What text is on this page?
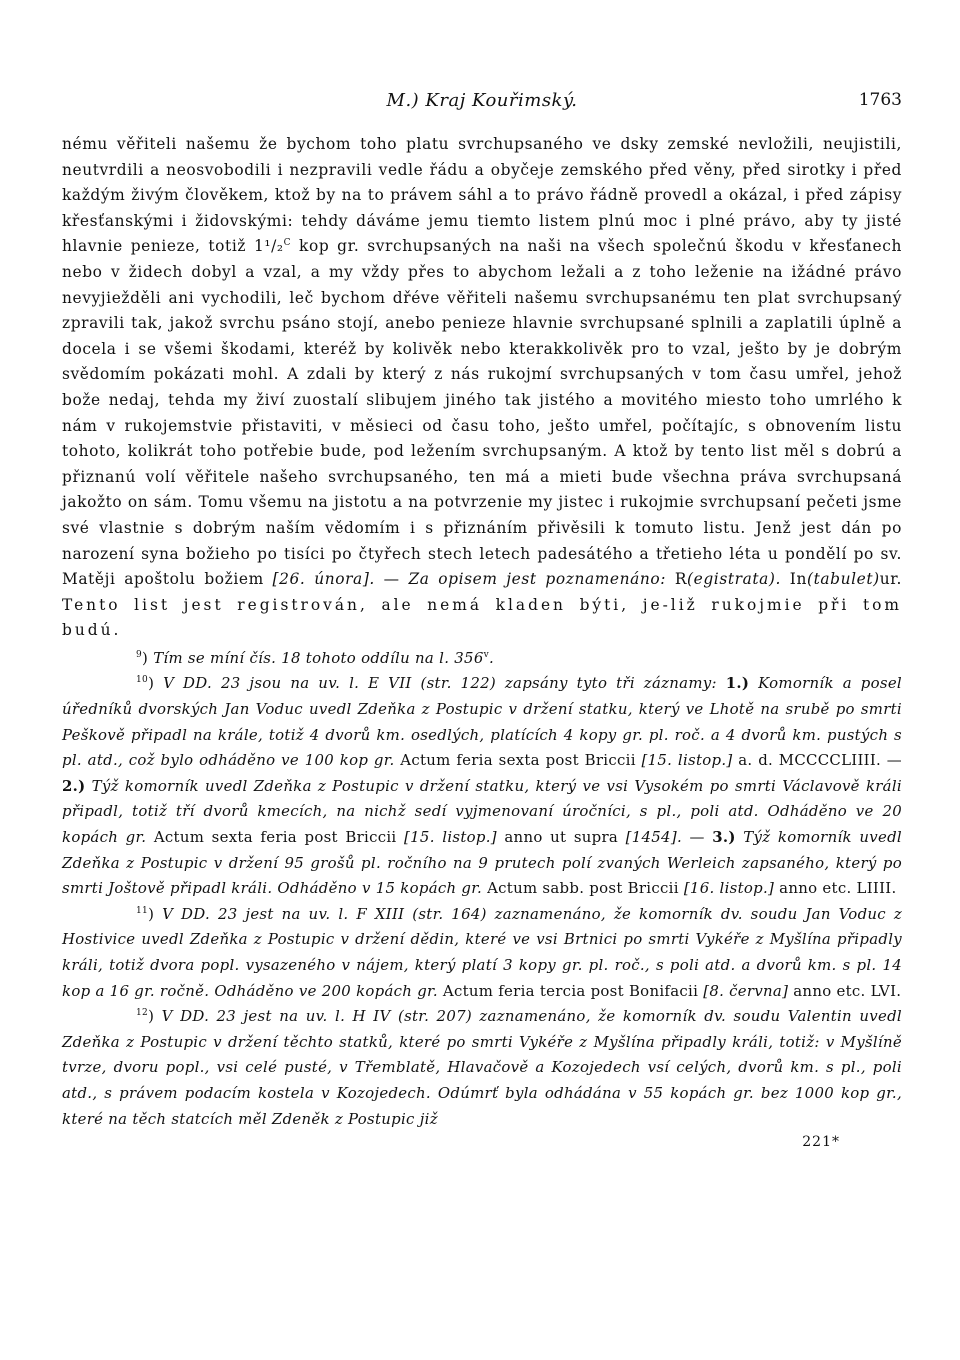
M.) Kraj Kouřimský.	1763

nému věřiteli našemu že bychom toho platu svrchupsaného ve dsky zemské nevložili, neujistili, neutvrdili a neosvobodili i nezpravili vedle řádu a obyčeje zemského před věny, před sirotky i před každým živým člověkem, ktož by na to právem sáhl a to právo řádně provedl a okázal, i před zápisy křesťanskými i židovskými: tehdy dáváme jemu tiemto listem plnú moc i plné právo, aby ty jisté hlavnie penieze, totiž 1¹/₂$^C$ kop gr. svrchupsaných na naši na všech společnú škodu v křesťanech nebo v židech dobyl a vzal, a my vždy přes to abychom ležali a z toho leženie na ižádné právo nevyjiežděli ani vychodili, leč bychom dřéve věřiteli našemu svrchupsanému ten plat svrchupsaný zpravili tak, jakož svrchu psáno stojí, anebo penieze hlavnie svrchupsané splnili a zaplatili úplně a docela i se všemi škodami, kteréž by kolivěk nebo kterakkolivěk pro to vzal, ješto by je dobrým svědomím pokázati mohl. A zdali by který z nás rukojmí svrchupsaných v tom času umřel, jehož bože nedaj, tehda my živí zuostalí slibujem jiného tak jistého a movitého miesto toho umrlého k nám v rukojemstvie přistaviti, v měsieci od času toho, ješto umřel, počítajíc, s obnovením listu tohoto, kolikrát toho potřebie bude, pod ležením svrchupsaným. A ktož by tento list měl s dobrú a přiznanú volí věřitele našeho svrchupsaného, ten má a mieti bude všechna práva svrchupsaná jakožto on sám. Tomu všemu na jistotu a na potvrzenie my jistec i rukojmie svrchupsaní pečeti jsme své vlastnie s dobrým naším vědomím i s přiznáním přivěsili k tomuto listu. Jenž jest dán po narození syna božieho po tisíci po čtyřech stech letech padesátého a třetieho léta u pondělí po sv. Matěji apoštolu božiem [26. února]. — Za opisem jest poznamenáno: R(egistrata). In(tabulet)ur. Tento list jest registrován, ale nemá kladen býti, je-liž rukojmie při tom budú.

$^9$) Tím se míní čís. 18 tohoto oddílu na l. 356$^v$.

$^{10}$) V DD. 23 jsou na uv. l. E VII (str. 122) zapsány tyto tři záznamy: 1.) Komorník a posel úředníků dvorských Jan Voduc uvedl Zdeňka z Postupic v držení statku, který ve Lhotě na srubě po smrti Peškově připadl na krále, totiž 4 dvorů km. osedlých, platících 4 kopy gr. pl. roč. a 4 dvorů km. pustých s pl. atd., což bylo odháděno ve 100 kop gr. Actum feria sexta post Briccii [15. listop.] a. d. MCCCCLIIII. — 2.) Týž komorník uvedl Zdeňka z Postupic v držení statku, který ve vsi Vysokém po smrti Václavově králi připadl, totiž tří dvorů kmecích, na nichž sedí vyjmenovaní úročníci, s pl., poli atd. Odháděno ve 20 kopách gr. Actum sexta feria post Briccii [15. listop.] anno ut supra [1454]. — 3.) Týž komorník uvedl Zdeňka z Postupic v držení 95 grošů pl. ročního na 9 prutech polí zvaných Werleich zapsaného, který po smrti Joštově připadl králi. Odháděno v 15 kopách gr. Actum sabb. post Briccii [16. listop.] anno etc. LIIII.

$^{11}$) V DD. 23 jest na uv. l. F XIII (str. 164) zaznamenáno, že komorník dv. soudu Jan Voduc z Hostivice uvedl Zdeňka z Postupic v držení dědin, které ve vsi Brtnici po smrti Vykéře z Myšlína připadly králi, totiž dvora popl. vysazeného v nájem, který platí 3 kopy gr. pl. roč., s poli atd. a dvorů km. s pl. 14 kop a 16 gr. ročně. Odháděno ve 200 kopách gr. Actum feria tercia post Bonifacii [8. června] anno etc. LVI.

$^{12}$) V DD. 23 jest na uv. l. H IV (str. 207) zaznamenáno, že komorník dv. soudu Valentin uvedl Zdeňka z Postupic v držení těchto statků, které po smrti Vykéře z Myšlína připadly králi, totiž: v Myšlíně tvrze, dvoru popl., vsi celé pusté, v Třemblatě, Hlavačově a Kozojedech vsí celých, dvorů km. s pl., poli atd., s právem podacím kostela v Kozojedech. Odúmrť byla odhádána v 55 kopách gr. bez 1000 kop gr., které na těch statcích měl Zdeněk z Postupic již

221*
